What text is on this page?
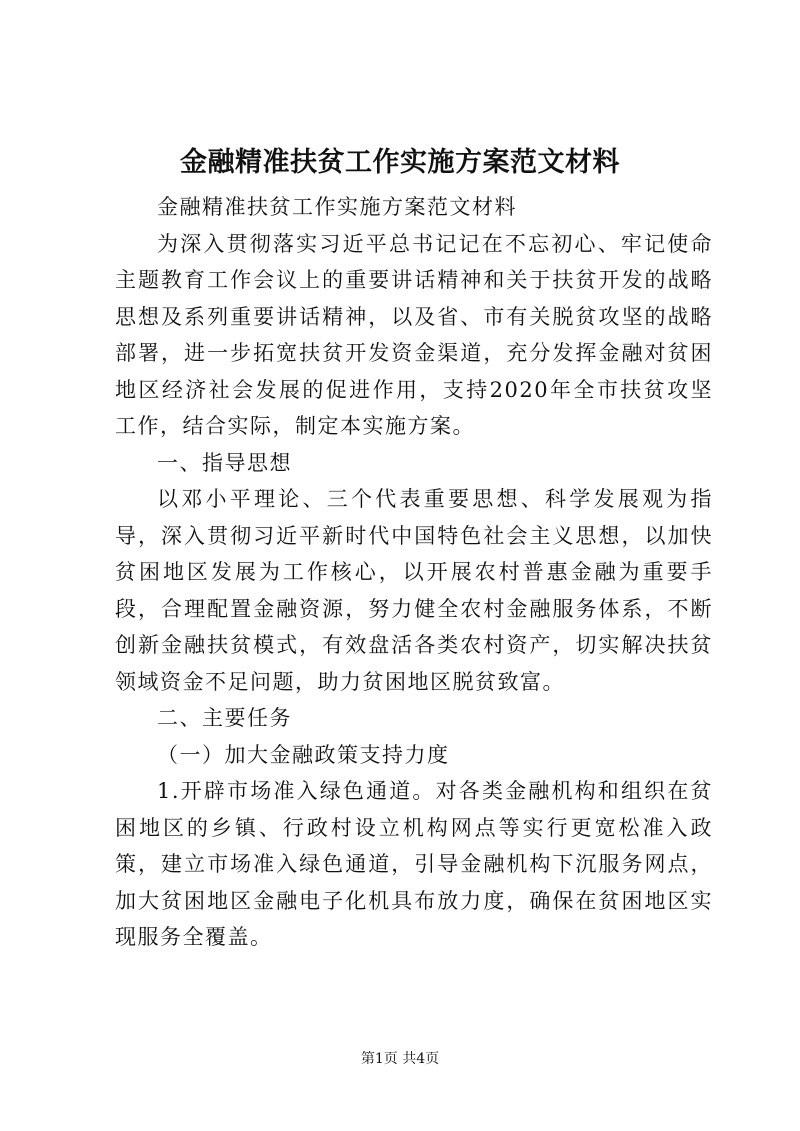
金融精准扶贫工作实施方案范文材料

金融精准扶贫工作实施方案范文材料

为深入贯彻落实习近平总书记记在不忘初心、牢记使命主题教育工作会议上的重要讲话精神和关于扶贫开发的战略思想及系列重要讲话精神，以及省、市有关脱贫攻坚的战略部署，进一步拓宽扶贫开发资金渠道，充分发挥金融对贫困地区经济社会发展的促进作用，支持2020年全市扶贫攻坚工作，结合实际，制定本实施方案。

一、指导思想

以邓小平理论、三个代表重要思想、科学发展观为指导，深入贯彻习近平新时代中国特色社会主义思想，以加快贫困地区发展为工作核心，以开展农村普惠金融为重要手段，合理配置金融资源，努力健全农村金融服务体系，不断创新金融扶贫模式，有效盘活各类农村资产，切实解决扶贫领域资金不足问题，助力贫困地区脱贫致富。

二、主要任务

（一）加大金融政策支持力度

1.开辟市场准入绿色通道。对各类金融机构和组织在贫困地区的乡镇、行政村设立机构网点等实行更宽松准入政策，建立市场准入绿色通道，引导金融机构下沉服务网点，加大贫困地区金融电子化机具布放力度，确保在贫困地区实现服务全覆盖。

第1页 共4页
